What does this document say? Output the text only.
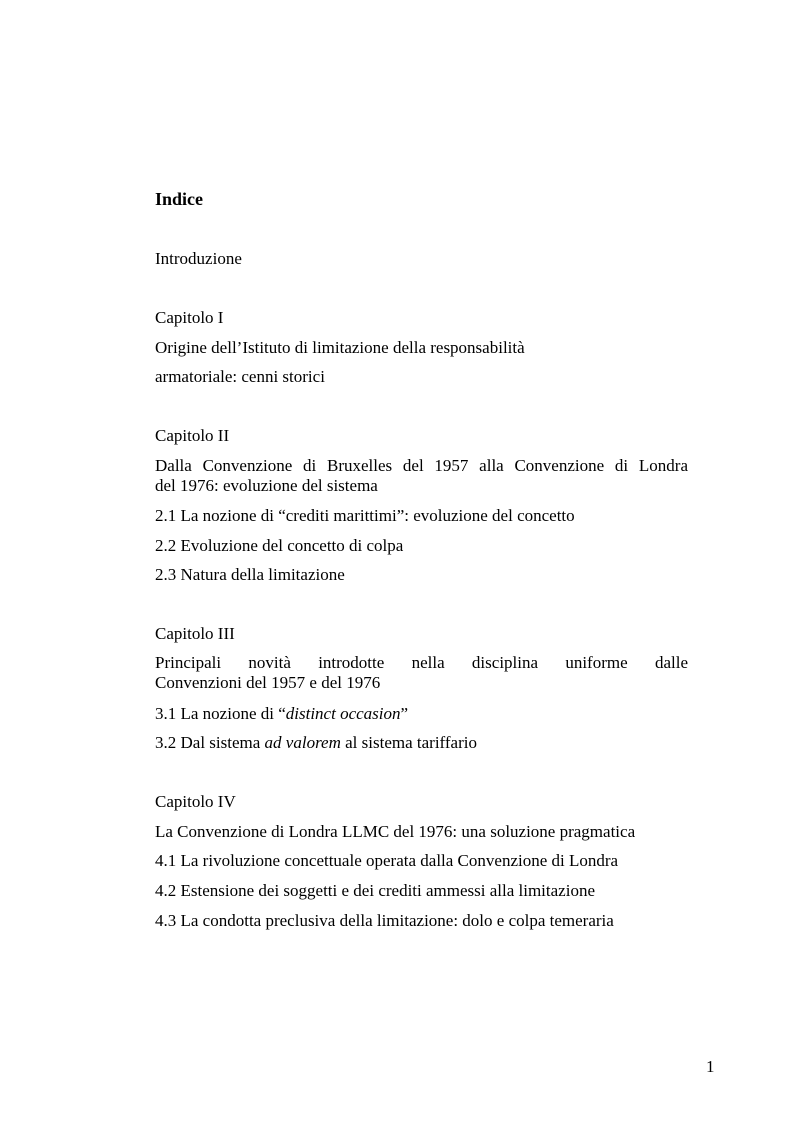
Indice
Introduzione
Capitolo I
Origine dell’Istituto di limitazione della responsabilità
armatoriale: cenni storici
Capitolo II
Dalla Convenzione di Bruxelles del 1957 alla Convenzione di Londra
del 1976: evoluzione del sistema
2.1 La nozione di “crediti marittimi”: evoluzione del concetto
2.2 Evoluzione del concetto di colpa
2.3 Natura della limitazione
Capitolo III
Principali novità introdotte nella disciplina uniforme dalle
Convenzioni del 1957 e del 1976
3.1 La nozione di “distinct occasion”
3.2 Dal sistema ad valorem al sistema tariffario
Capitolo IV
La Convenzione di Londra LLMC del 1976: una soluzione pragmatica
4.1 La rivoluzione concettuale operata dalla Convenzione di Londra
4.2 Estensione dei soggetti e dei crediti ammessi alla limitazione
4.3 La condotta preclusiva della limitazione: dolo e colpa temeraria
1
